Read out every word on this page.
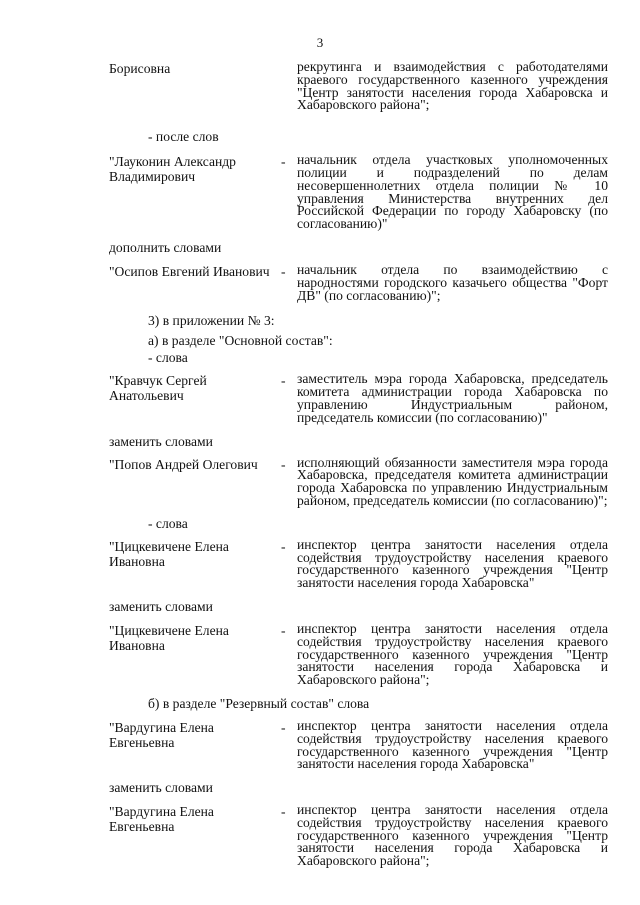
3
Борисовна	рекрутинга и взаимодействия с работодателями краевого государственного казенного учреждения "Центр занятости населения города Хабаровска и Хабаровского района";
- после слов
"Лауконин Александр Владимирович
- начальник отдела участковых уполномоченных полиции и подразделений по делам несовершеннолетних отдела полиции № 10 управления Министерства внутренних дел Российской Федерации по городу Хабаровску (по согласованию)"
дополнить словами
"Осипов Евгений Иванович - начальник отдела по взаимодействию с народностями городского казачьего общества "Форт ДВ" (по согласованию)";
3) в приложении № 3:
а) в разделе "Основной состав":
- слова
"Кравчук Сергей Анатольевич
- заместитель мэра города Хабаровска, председатель комитета администрации города Хабаровска по управлению Индустриальным районом, председатель комиссии (по согласованию)"
заменить словами
"Попов Андрей Олегович	- исполняющий обязанности заместителя мэра города Хабаровска, председателя комитета администрации города Хабаровска по управлению Индустриальным районом, председатель комиссии (по согласованию)";
- слова
"Цицкевичене Елена Ивановна
- инспектор центра занятости населения отдела содействия трудоустройству населения краевого государственного казенного учреждения "Центр занятости населения города Хабаровска"
заменить словами
"Цицкевичене Елена Ивановна
- инспектор центра занятости населения отдела содействия трудоустройству населения краевого государственного казенного учреждения "Центр занятости населения города Хабаровска и Хабаровского района";
б) в разделе "Резервный состав" слова
"Вардугина Елена Евгеньевна
- инспектор центра занятости населения отдела содействия трудоустройству населения краевого государственного казенного учреждения "Центр занятости населения города Хабаровска"
заменить словами
"Вардугина Елена Евгеньевна
- инспектор центра занятости населения отдела содействия трудоустройству населения краевого государственного казенного учреждения "Центр занятости населения города Хабаровска и Хабаровского района";
